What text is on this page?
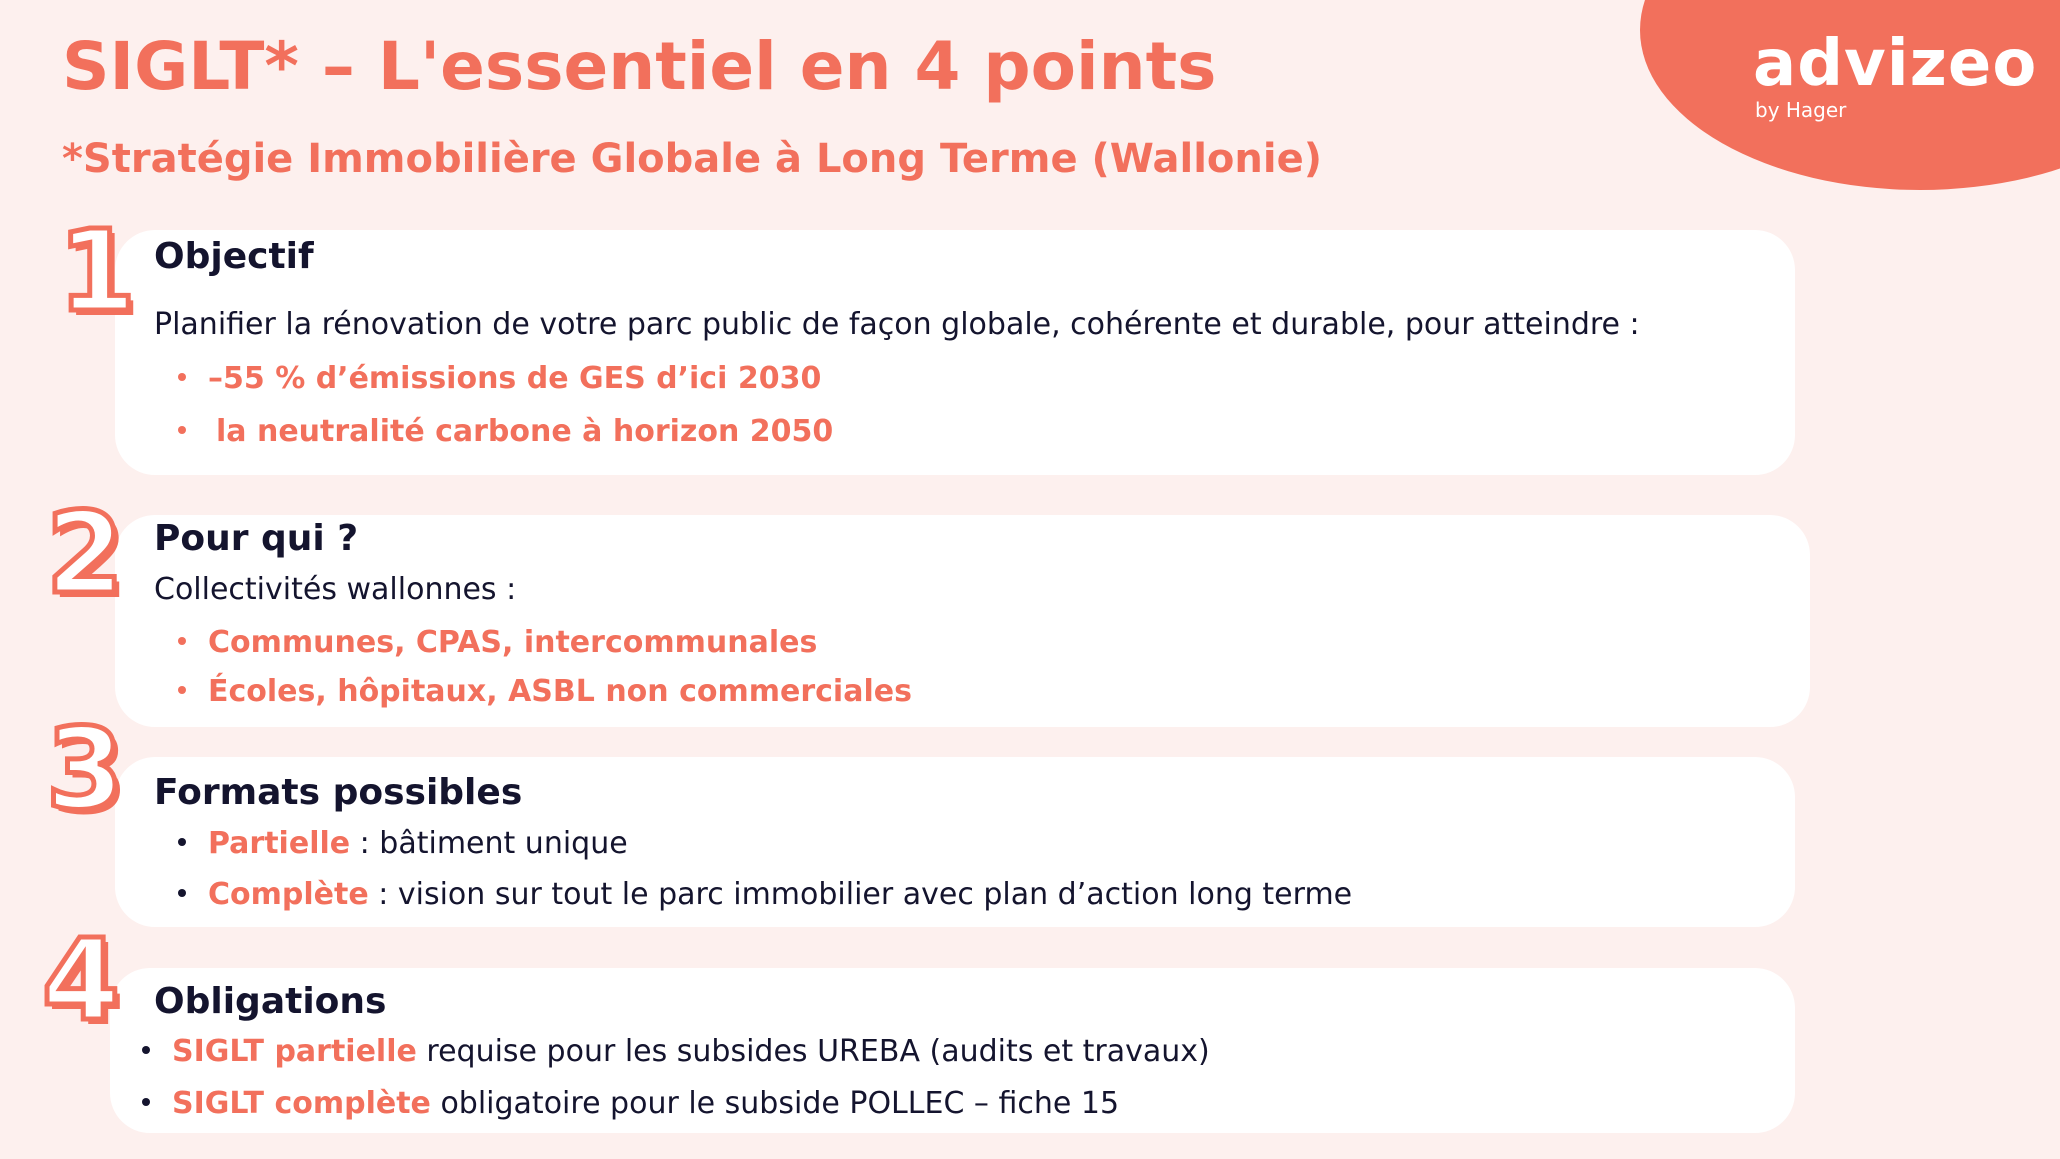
advizeo
by Hager
SIGLT* – L'essentiel en 4 points
*Stratégie Immobilière Globale à Long Terme (Wallonie)
1 Objectif
Planifier la rénovation de votre parc public de façon globale, cohérente et durable, pour atteindre :
–55 % d’émissions de GES d’ici 2030
la neutralité carbone à horizon 2050
2 Pour qui ?
Collectivités wallonnes :
Communes, CPAS, intercommunales
Écoles, hôpitaux, ASBL non commerciales
3 Formats possibles
Partielle : bâtiment unique
Complète : vision sur tout le parc immobilier avec plan d’action long terme
4 Obligations
SIGLT partielle requise pour les subsides UREBA (audits et travaux)
SIGLT complète obligatoire pour le subside POLLEC – fiche 15
